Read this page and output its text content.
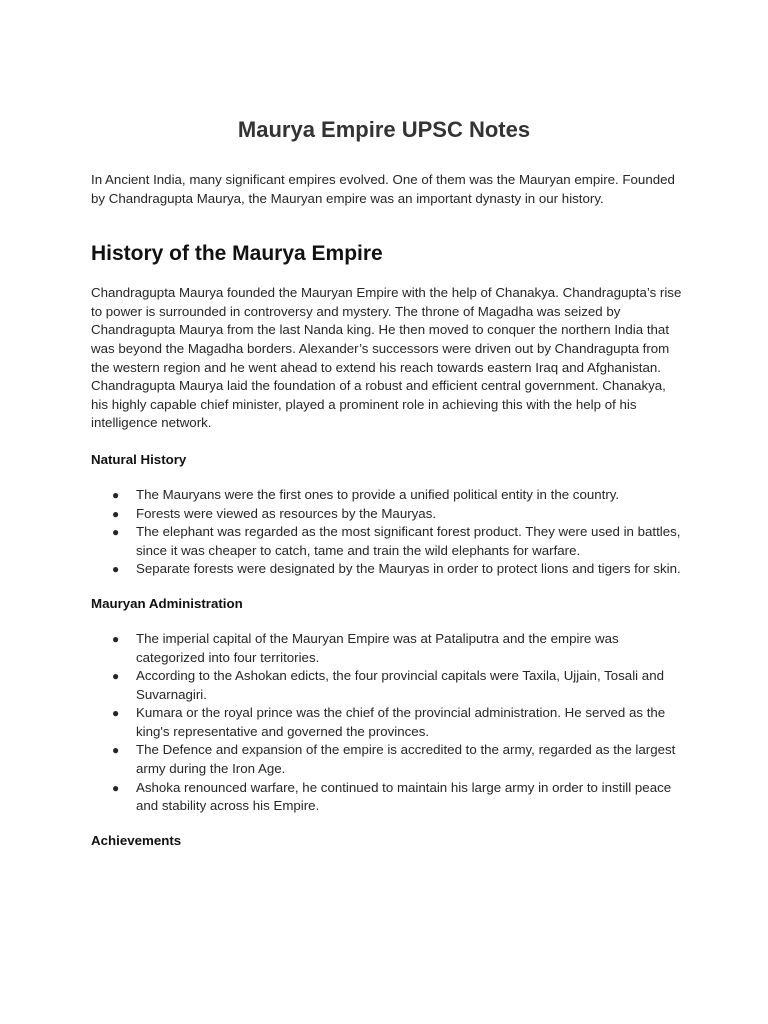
Maurya Empire UPSC Notes

In Ancient India, many significant empires evolved. One of them was the Mauryan empire. Founded by Chandragupta Maurya, the Mauryan empire was an important dynasty in our history.

History of the Maurya Empire

Chandragupta Maurya founded the Mauryan Empire with the help of Chanakya. Chandragupta’s rise to power is surrounded in controversy and mystery. The throne of Magadha was seized by Chandragupta Maurya from the last Nanda king. He then moved to conquer the northern India that was beyond the Magadha borders. Alexander’s successors were driven out by Chandragupta from the western region and he went ahead to extend his reach towards eastern Iraq and Afghanistan. Chandragupta Maurya laid the foundation of a robust and efficient central government. Chanakya, his highly capable chief minister, played a prominent role in achieving this with the help of his intelligence network.

Natural History
● The Mauryans were the first ones to provide a unified political entity in the country.
● Forests were viewed as resources by the Mauryas.
● The elephant was regarded as the most significant forest product. They were used in battles, since it was cheaper to catch, tame and train the wild elephants for warfare.
● Separate forests were designated by the Mauryas in order to protect lions and tigers for skin.
Mauryan Administration
● The imperial capital of the Mauryan Empire was at Pataliputra and the empire was categorized into four territories.
● According to the Ashokan edicts, the four provincial capitals were Taxila, Ujjain, Tosali and Suvarnagiri.
● Kumara or the royal prince was the chief of the provincial administration. He served as the king's representative and governed the provinces.
● The Defence and expansion of the empire is accredited to the army, regarded as the largest army during the Iron Age.
● Ashoka renounced warfare, he continued to maintain his large army in order to instill peace and stability across his Empire.
Achievements
